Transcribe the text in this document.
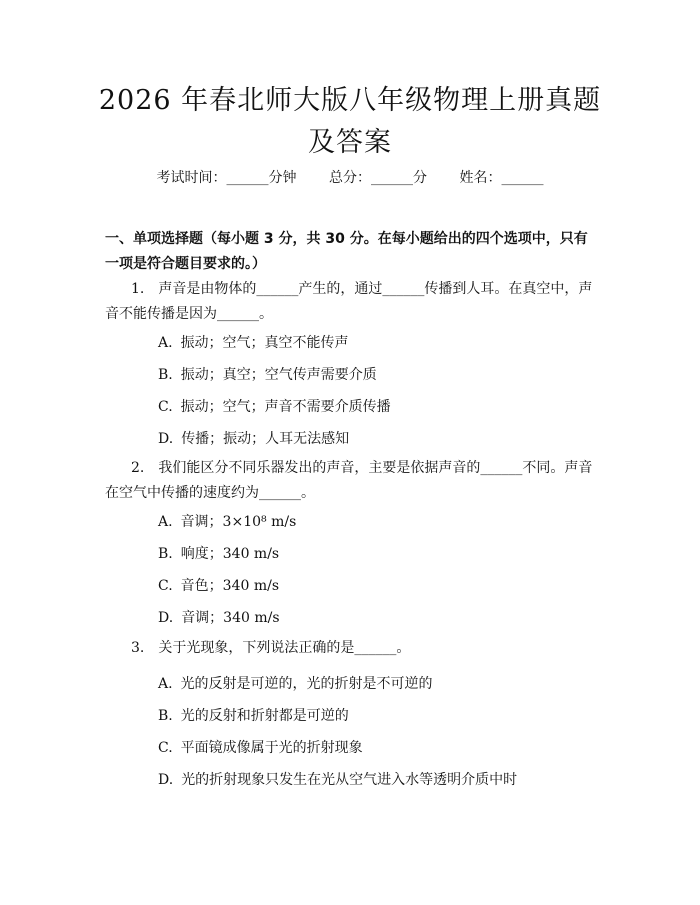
2026 年春北师大版八年级物理上册真题及答案
考试时间：______分钟 总分：______分 姓名：______
一、单项选择题（每小题 3 分，共 30 分。在每小题给出的四个选项中，只有一项是符合题目要求的。）
1. 声音是由物体的______产生的，通过______传播到人耳。在真空中，声音不能传播是因为______。
A. 振动；空气；真空不能传声
B. 振动；真空；空气传声需要介质
C. 振动；空气；声音不需要介质传播
D. 传播；振动；人耳无法感知
2. 我们能区分不同乐器发出的声音，主要是依据声音的______不同。声音在空气中传播的速度约为______。
A. 音调；3×10⁸ m/s
B. 响度；340 m/s
C. 音色；340 m/s
D. 音调；340 m/s
3. 关于光现象，下列说法正确的是______。
A. 光的反射是可逆的，光的折射是不可逆的
B. 光的反射和折射都是可逆的
C. 平面镜成像属于光的折射现象
D. 光的折射现象只发生在光从空气进入水等透明介质中时
